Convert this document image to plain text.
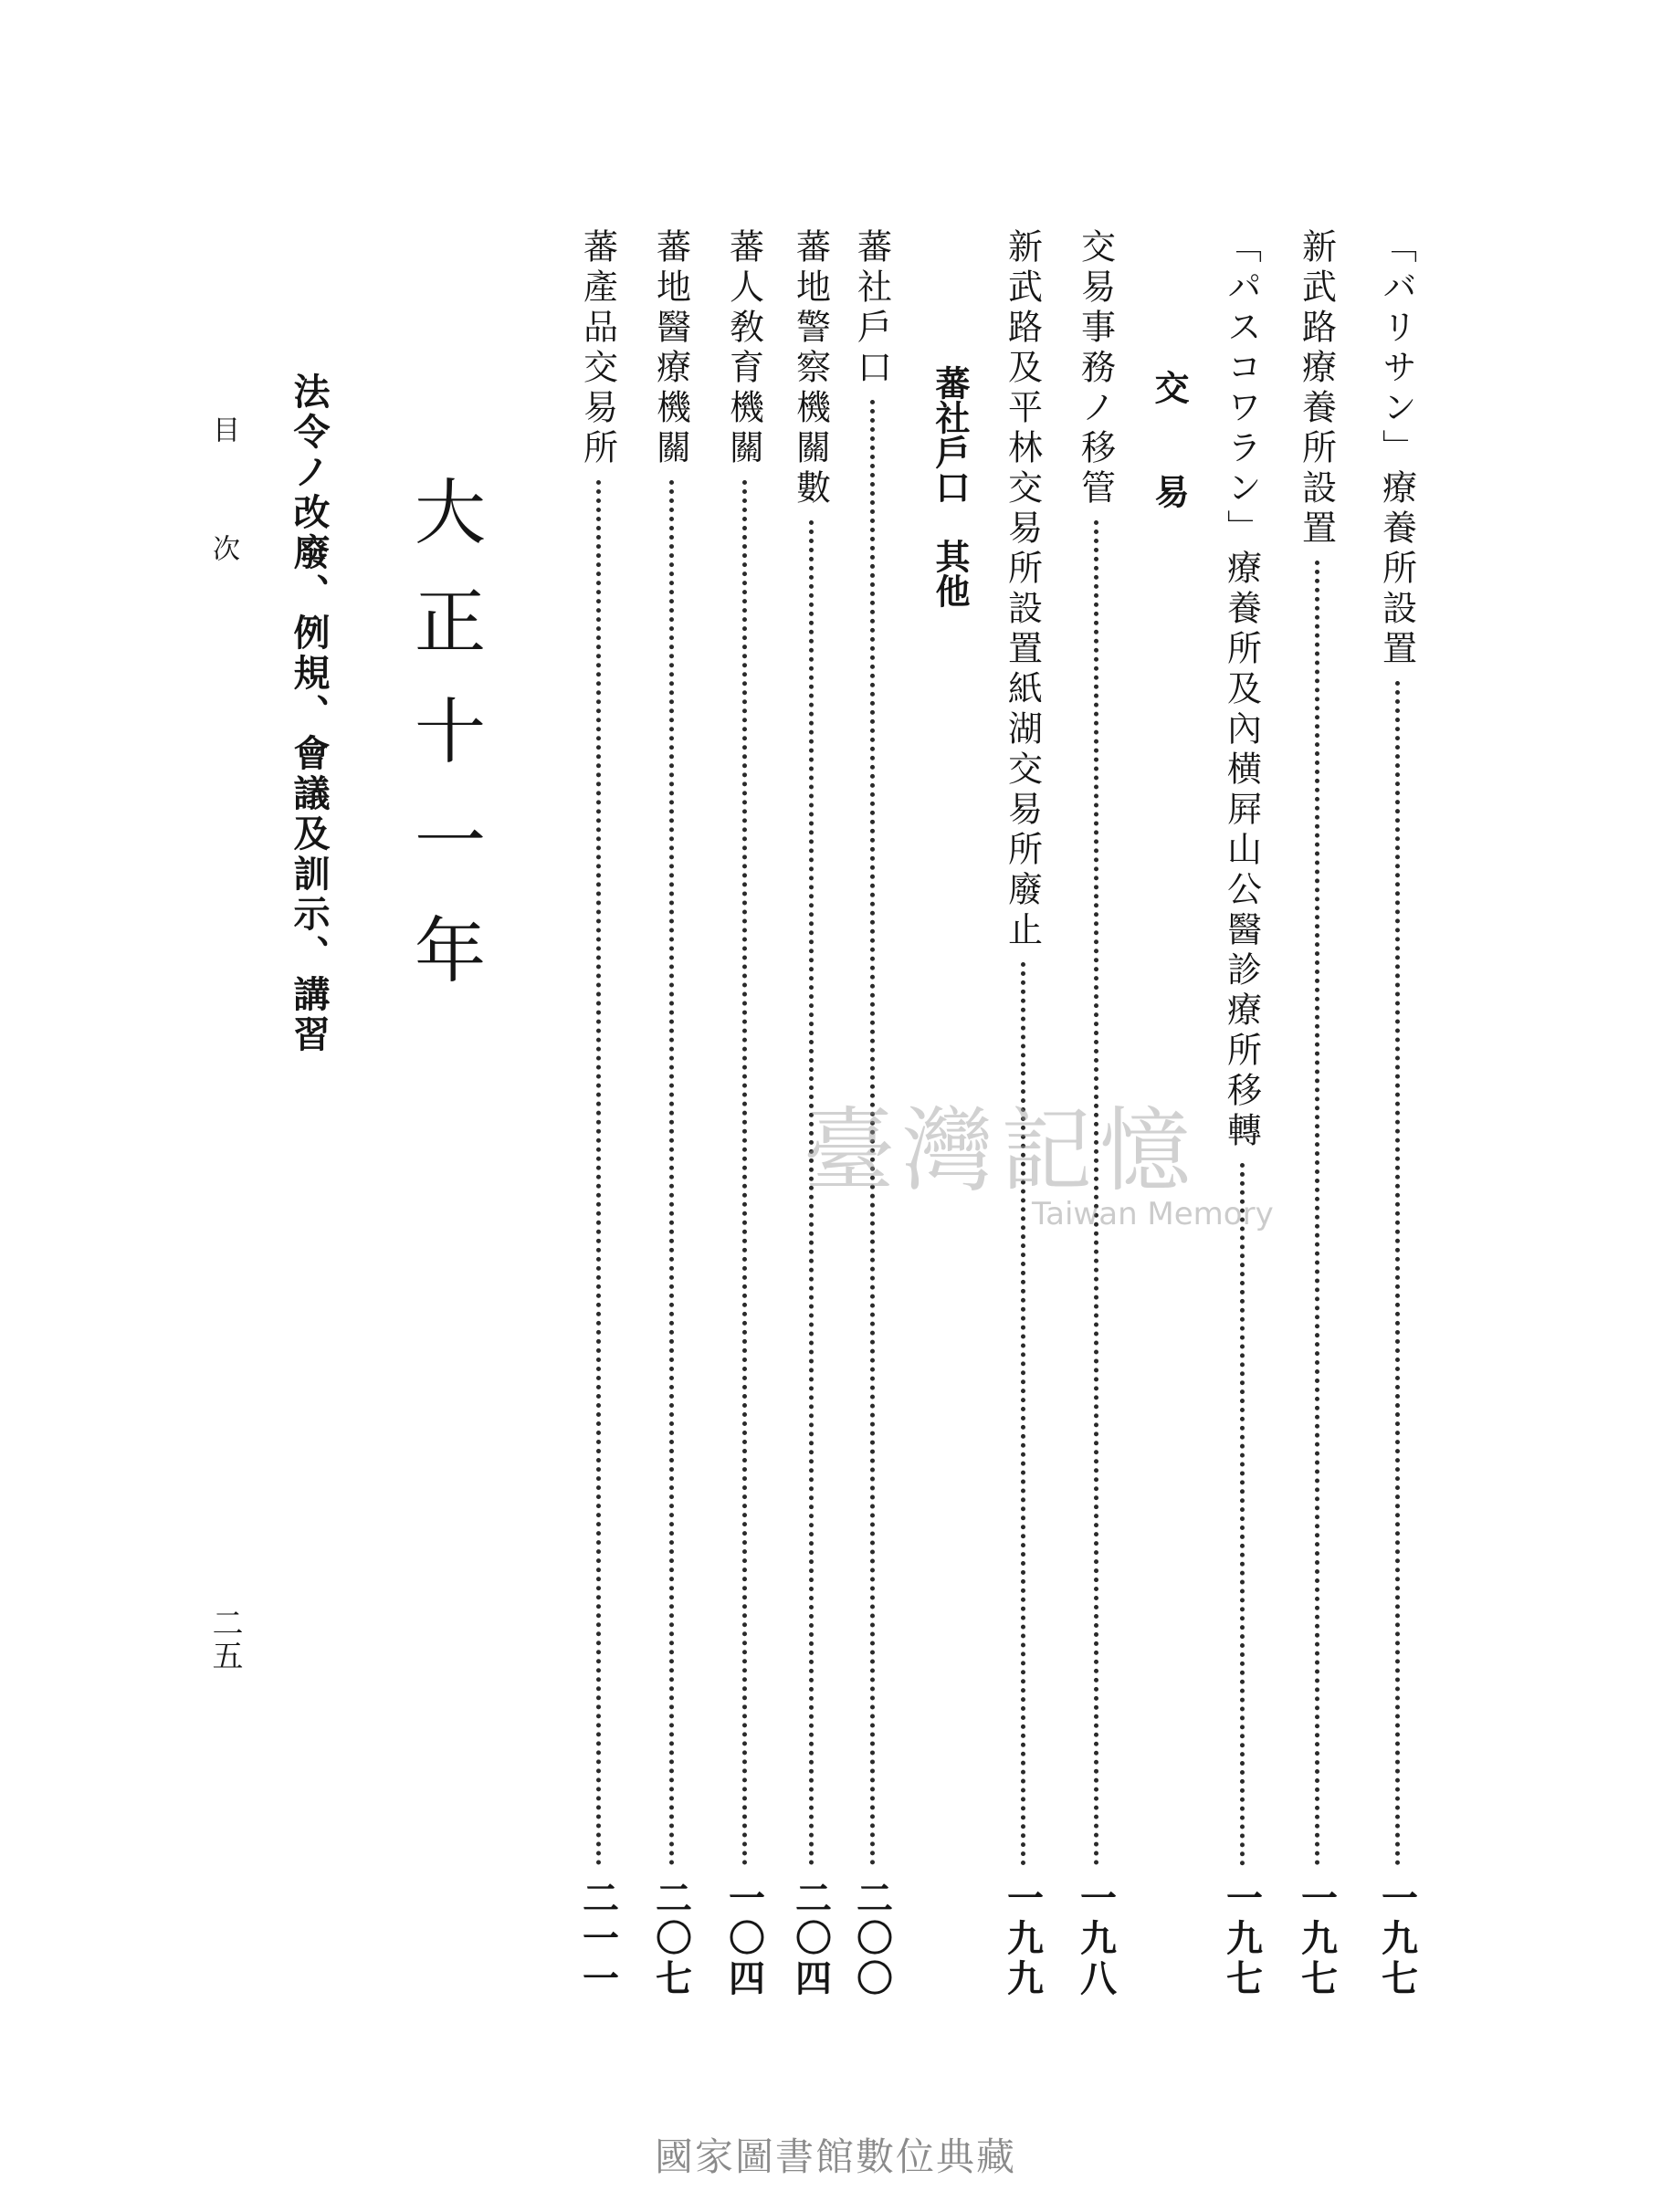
「バリサン」療養所設置
一九七
新武路療養所設置
一九七
「パスコワラン」療養所及內横屛山公醫診療所移轉
一九七
交　　易
交易事務ノ移管
一九八
新武路及平林交易所設置紙湖交易所廢止
一九九
蕃社戶口　其他
蕃社戶口
二〇〇
蕃地警察機關數
二〇四
蕃人敎育機關
一〇四
蕃地醫療機關
二〇七
蕃產品交易所
二一一
大正十一年
法令ノ改廢、例規、會議及訓示、講習
目
次
二五
臺灣記憶
Taiwan Memory
國家圖書館數位典藏
